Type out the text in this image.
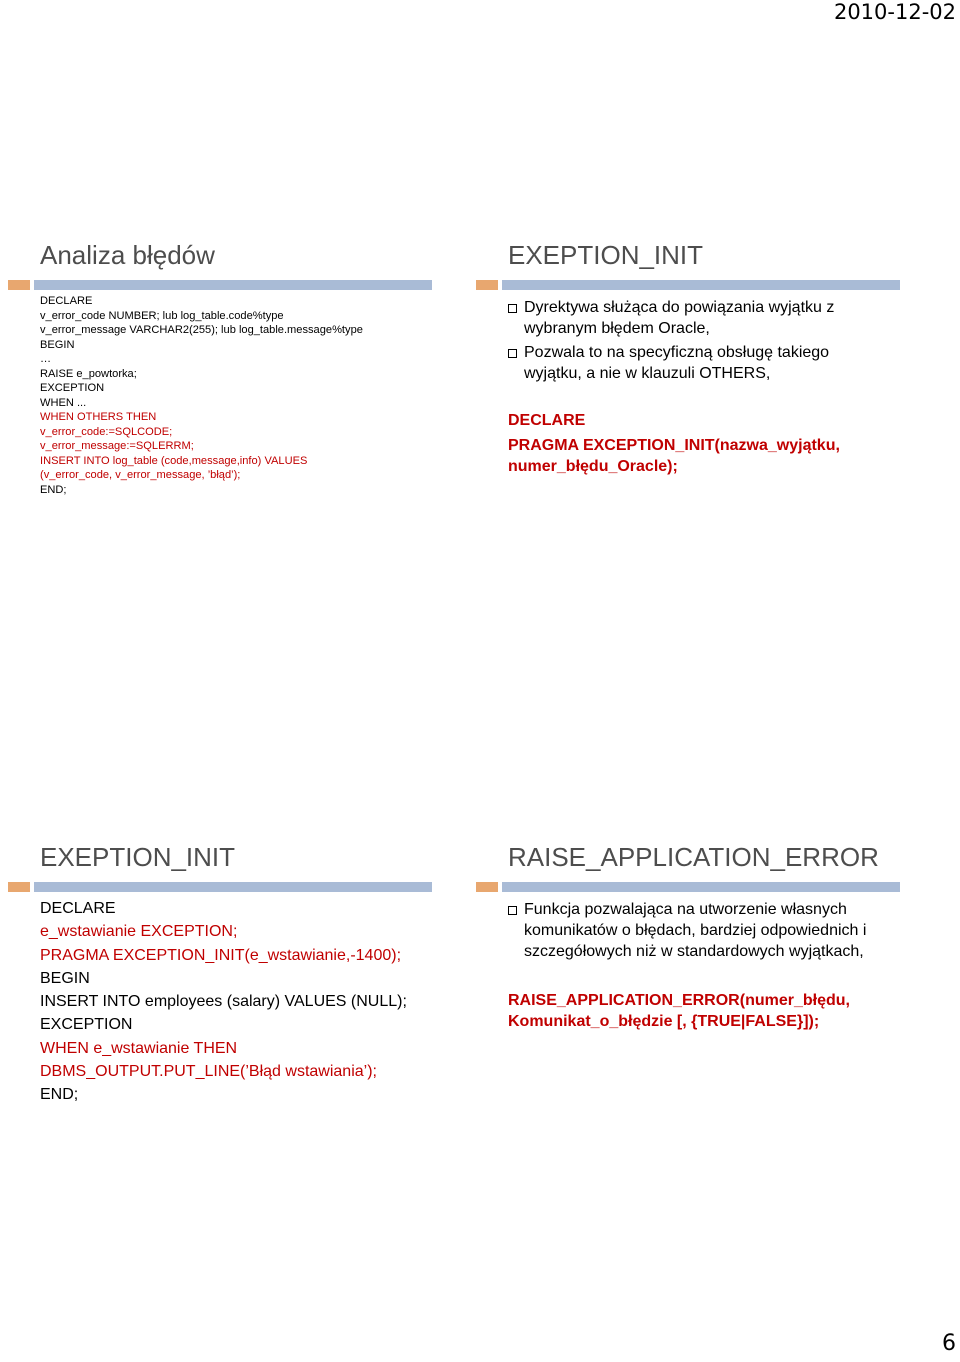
2010-12-02
Analiza błędów
DECLARE
v_error_code NUMBER; lub log_table.code%type
v_error_message VARCHAR2(255); lub log_table.message%type
BEGIN
…
RAISE e_powtorka;
EXCEPTION
WHEN ...
WHEN OTHERS THEN
v_error_code:=SQLCODE;
v_error_message:=SQLERRM;
INSERT INTO log_table (code,message,info) VALUES
(v_error_code, v_error_message, ’błąd’);
END;
EXEPTION_INIT
Dyrektywa służąca do powiązania wyjątku z wybranym błędem Oracle,
Pozwala to na specyficzną obsługę takiego wyjątku, a nie w klauzuli OTHERS,
DECLARE
PRAGMA EXCEPTION_INIT(nazwa_wyjątku,
numer_błędu_Oracle);
EXEPTION_INIT
DECLARE
e_wstawianie EXCEPTION;
PRAGMA EXCEPTION_INIT(e_wstawianie,-1400);
BEGIN
INSERT INTO employees (salary) VALUES (NULL);
EXCEPTION
WHEN e_wstawianie THEN
DBMS_OUTPUT.PUT_LINE(’Błąd wstawiania’);
END;
RAISE_APPLICATION_ERROR
Funkcja pozwalająca na utworzenie własnych komunikatów o błędach, bardziej odpowiednich i szczegółowych niż w standardowych wyjątkach,
RAISE_APPLICATION_ERROR(numer_błędu,
Komunikat_o_błędzie [, {TRUE|FALSE}]);
6
